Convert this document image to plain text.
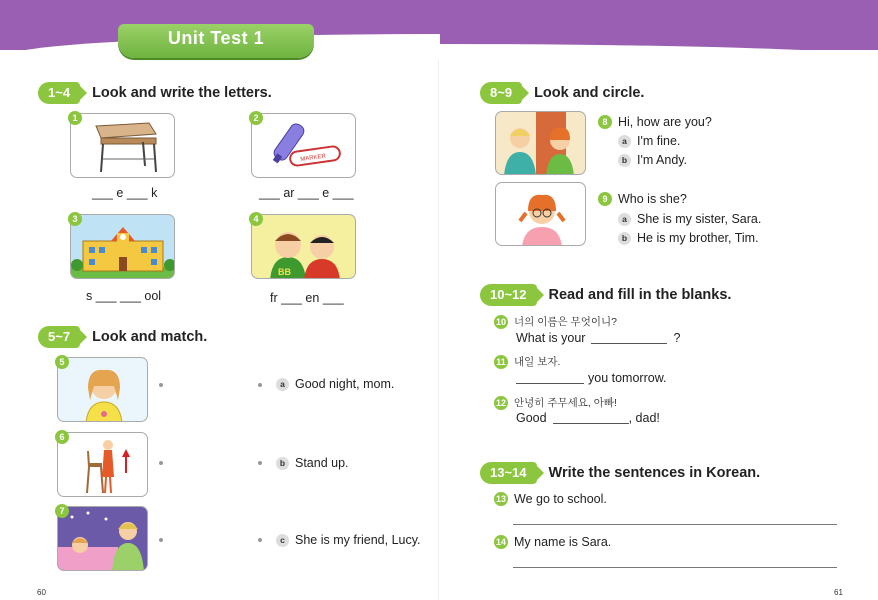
Unit Test 1
1~4	Look and write the letters.
1
___ e ___ k
MARKER
2
___ ar ___ e ___
3
s ___ ___ ool
BB
4
fr ___ en ___
5~7	Look and match.
5
6
7
a Good night, mom.
b Stand up.
c She is my friend, Lucy.
60
8~9	Look and circle.
8 Hi, how are you?
a I'm fine.
b I'm Andy.
9 Who is she?
a She is my sister, Sara.
b He is my brother, Tim.
10~12	Read and fill in the blanks.
10 너의 이름은 무엇이니?
What is your	?
11 내일 보자.
you tomorrow.
12 안녕히 주무세요, 아빠!
Good	, dad!
13~14	Write the sentences in Korean.
13 We go to school.
14 My name is Sara.
61
